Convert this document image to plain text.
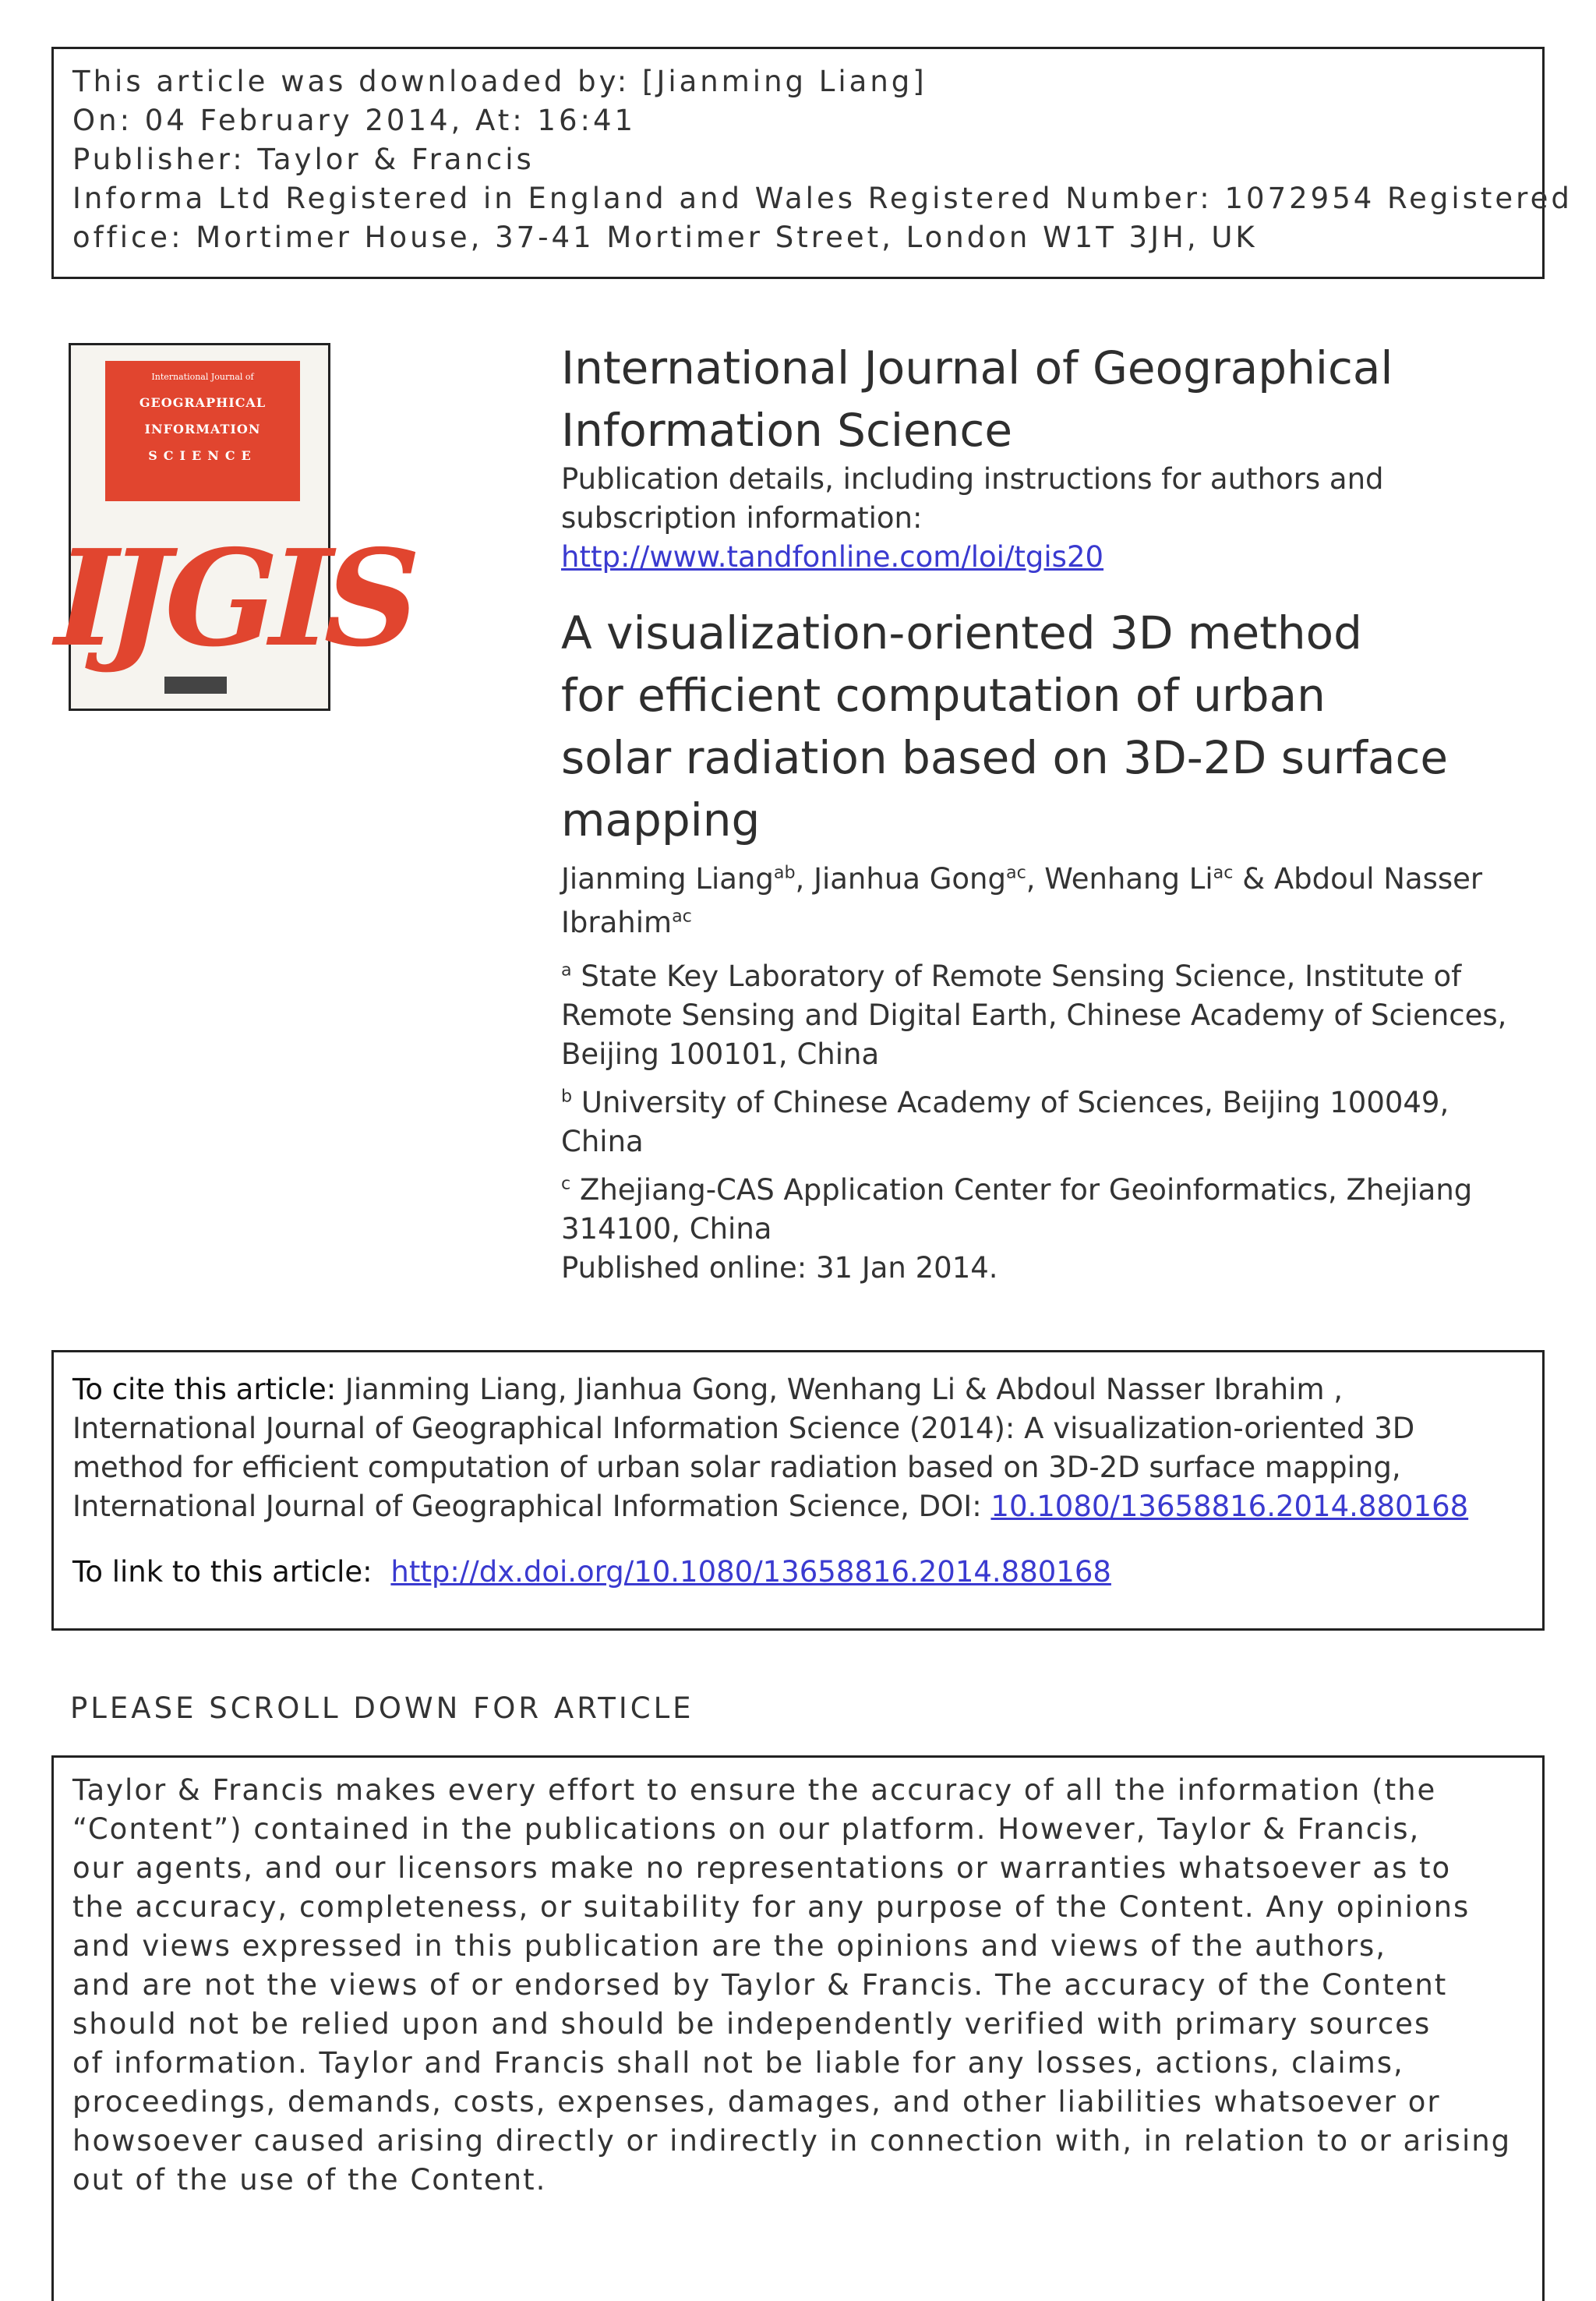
This article was downloaded by: [Jianming Liang]
On: 04 February 2014, At: 16:41
Publisher: Taylor & Francis
Informa Ltd Registered in England and Wales Registered Number: 1072954 Registered
office: Mortimer House, 37-41 Mortimer Street, London W1T 3JH, UK
International Journal of
GEOGRAPHICAL
INFORMATION
SCIENCE
IJGIS
International Journal of Geographical
Information Science
Publication details, including instructions for authors and
subscription information:
http://www.tandfonline.com/loi/tgis20
A visualization-oriented 3D method
for efficient computation of urban
solar radiation based on 3D-2D surface
mapping
Jianming Liang$^{ab}$, Jianhua Gong$^{ac}$, Wenhang $Li^{ac}$ & Abdoul Nasser
Ibrahim$^{ac}$
$^a$ State Key Laboratory of Remote Sensing Science, Institute of
Remote Sensing and Digital Earth, Chinese Academy of Sciences,
Beijing 100101, China
$^b$ University of Chinese Academy of Sciences, Beijing 100049,
China
$^c$ Zhejiang-CAS Application Center for Geoinformatics, Zhejiang
314100, China
Published online: 31 Jan 2014.
To cite this article: Jianming Liang, Jianhua Gong, Wenhang Li & Abdoul Nasser Ibrahim ,
International Journal of Geographical Information Science (2014): A visualization-oriented 3D
method for efficient computation of urban solar radiation based on 3D-2D surface mapping,
International Journal of Geographical Information Science, DOI: 10.1080/13658816.2014.880168
To link to this article: http://dx.doi.org/10.1080/13658816.2014.880168
PLEASE SCROLL DOWN FOR ARTICLE
Taylor & Francis makes every effort to ensure the accuracy of all the information (the
“Content”) contained in the publications on our platform. However, Taylor & Francis,
our agents, and our licensors make no representations or warranties whatsoever as to
the accuracy, completeness, or suitability for any purpose of the Content. Any opinions
and views expressed in this publication are the opinions and views of the authors,
and are not the views of or endorsed by Taylor & Francis. The accuracy of the Content
should not be relied upon and should be independently verified with primary sources
of information. Taylor and Francis shall not be liable for any losses, actions, claims,
proceedings, demands, costs, expenses, damages, and other liabilities whatsoever or
howsoever caused arising directly or indirectly in connection with, in relation to or arising
out of the use of the Content.
